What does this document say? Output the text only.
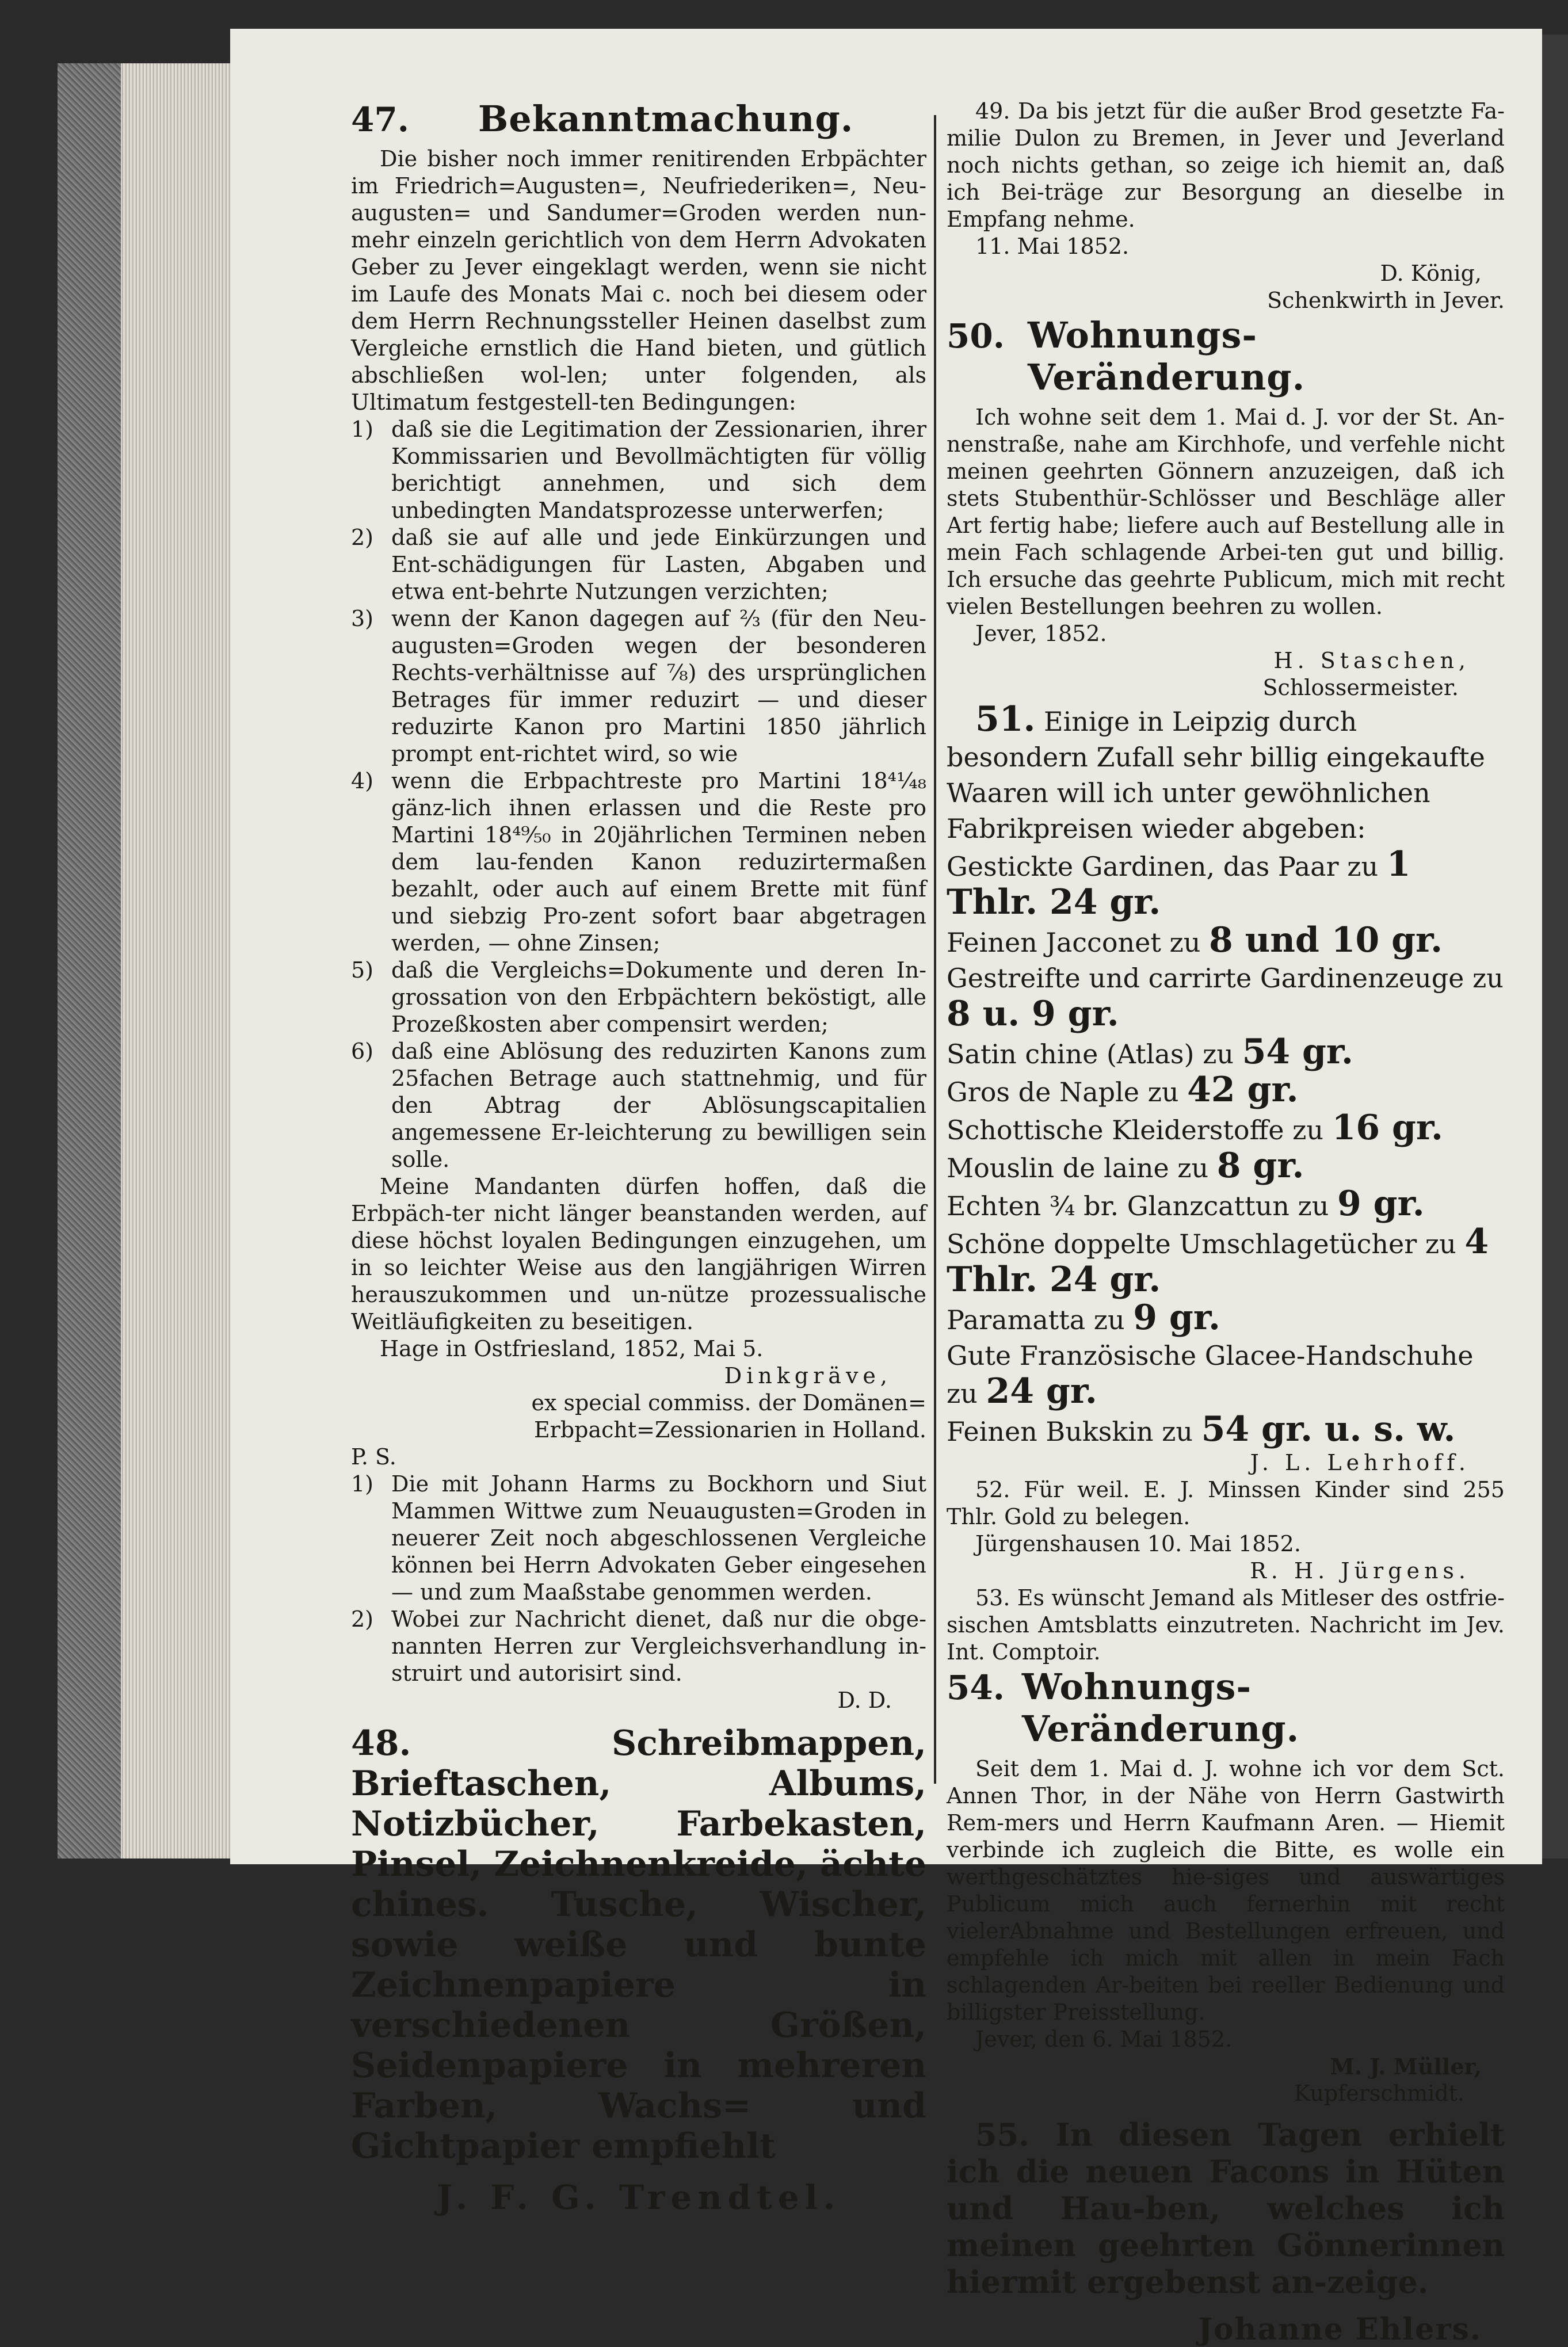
47. Bekanntmachung.

Die bisher noch immer renitirenden Erbpächter im Friedrich=Augusten=, Neufriederiken=, Neu-augusten= und Sandumer=Groden werden nun-mehr einzeln gerichtlich von dem Herrn Advokaten Geber zu Jever eingeklagt werden, wenn sie nicht im Laufe des Monats Mai c. noch bei diesem oder dem Herrn Rechnungssteller Heinen daselbst zum Vergleiche ernstlich die Hand bieten, und gütlich abschließen wol-len; unter folgenden, als Ultimatum festgestell-ten Bedingungen:

1) daß sie die Legitimation der Zessionarien, ihrer Kommissarien und Bevollmächtigten für völlig berichtigt annehmen, und sich dem unbedingten Mandatsprozesse unterwerfen;
2) daß sie auf alle und jede Einkürzungen und Ent-schädigungen für Lasten, Abgaben und etwa ent-behrte Nutzungen verzichten;
3) wenn der Kanon dagegen auf ⅔ (für den Neu-augusten=Groden wegen der besonderen Rechts-verhältnisse auf ⅞) des ursprünglichen Betrages für immer reduzirt — und dieser reduzirte Kanon pro Martini 1850 jährlich prompt ent-richtet wird, so wie
4) wenn die Erbpachtreste pro Martini 18⁴¹⁄₄₈ gänz-lich ihnen erlassen und die Reste pro Martini 18⁴⁹⁄₅₀ in 20jährlichen Terminen neben dem lau-fenden Kanon reduzirtermaßen bezahlt, oder auch auf einem Brette mit fünf und siebzig Pro-zent sofort baar abgetragen werden, — ohne Zinsen;
5) daß die Vergleichs=Dokumente und deren In-grossation von den Erbpächtern beköstigt, alle Prozeßkosten aber compensirt werden;
6) daß eine Ablösung des reduzirten Kanons zum 25fachen Betrage auch stattnehmig, und für den Abtrag der Ablösungscapitalien angemessene Er-leichterung zu bewilligen sein solle.

Meine Mandanten dürfen hoffen, daß die Erbpäch-ter nicht länger beanstanden werden, auf diese höchst loyalen Bedingungen einzugehen, um in so leichter Weise aus den langjährigen Wirren herauszukommen und un-nütze prozessualische Weitläufigkeiten zu beseitigen.

Hage in Ostfriesland, 1852, Mai 5.

Dinkgräve,
ex special commiss. der Domänen=
Erbpacht=Zessionarien in Holland.
P. S.
1) Die mit Johann Harms zu Bockhorn und Siut Mammen Wittwe zum Neuaugusten=Groden in neuerer Zeit noch abgeschlossenen Vergleiche können bei Herrn Advokaten Geber eingesehen — und zum Maaßstabe genommen werden.
2) Wobei zur Nachricht dienet, daß nur die obge-nannten Herren zur Vergleichsverhandlung in-struirt und autorisirt sind.
D. D.

48.	Schreibmappen, Brieftaschen, Albums, Notizbücher, Farbekasten, Pinsel, Zeichnenkreide, ächte chines. Tusche, Wischer, sowie weiße und bunte Zeichnenpapiere in verschiedenen Größen, Seidenpapiere in mehreren Farben, Wachs= und Gichtpapier empfiehlt

J. F. G. Trendtel.

49. Da bis jetzt für die außer Brod gesetzte Fa-milie Dulon zu Bremen, in Jever und Jeverland noch nichts gethan, so zeige ich hiemit an, daß ich Bei-träge zur Besorgung an dieselbe in Empfang nehme.

11. Mai 1852.

D. König,
Schenkwirth in Jever.
50. Wohnungs-Veränderung.

Ich wohne seit dem 1. Mai d. J. vor der St. An-nenstraße, nahe am Kirchhofe, und verfehle nicht meinen geehrten Gönnern anzuzeigen, daß ich stets Stubenthür-Schlösser und Beschläge aller Art fertig habe; liefere auch auf Bestellung alle in mein Fach schlagende Arbei-ten gut und billig. Ich ersuche das geehrte Publicum, mich mit recht vielen Bestellungen beehren zu wollen.

Jever, 1852.

H. Staschen,
Schlossermeister.

51. Einige in Leipzig durch besondern Zufall sehr billig eingekaufte Waaren will ich unter gewöhnlichen Fabrikpreisen wieder abgeben:

Gestickte Gardinen, das Paar zu 1 Thlr. 24 gr.

Feinen Jacconet zu 8 und 10 gr.

Gestreifte und carrirte Gardinenzeuge zu 8 u. 9 gr.

Satin chine (Atlas) zu 54 gr.

Gros de Naple zu 42 gr.

Schottische Kleiderstoffe zu 16 gr.

Mouslin de laine zu 8 gr.

Echten ¾ br. Glanzcattun zu 9 gr.

Schöne doppelte Umschlagetücher zu 4 Thlr. 24 gr.

Paramatta zu 9 gr.

Gute Französische Glacee-Handschuhe zu 24 gr.

Feinen Bukskin zu 54 gr. u. s. w.

J. L. Lehrhoff.

52. Für weil. E. J. Minssen Kinder sind 255 Thlr. Gold zu belegen.

Jürgenshausen 10. Mai 1852.

R. H. Jürgens.

53. Es wünscht Jemand als Mitleser des ostfrie-sischen Amtsblatts einzutreten. Nachricht im Jev. Int. Comptoir.

54. Wohnungs-Veränderung.

Seit dem 1. Mai d. J. wohne ich vor dem Sct. Annen Thor, in der Nähe von Herrn Gastwirth Rem-mers und Herrn Kaufmann Aren. — Hiemit verbinde ich zugleich die Bitte, es wolle ein werthgeschätztes hie-siges und auswärtiges Publicum mich auch fernerhin mit recht vielerAbnahme und Bestellungen erfreuen, und empfehle ich mich mit allen in mein Fach schlagenden Ar-beiten bei reeller Bedienung und billigster Preisstellung.

Jever, den 6. Mai 1852.

M. J. Müller,
Kupferschmidt.

55. In diesen Tagen erhielt ich die neuen Facons in Hüten und Hau-ben, welches ich meinen geehrten Gönnerinnen hiermit ergebenst an-zeige.

Johanne Ehlers.
